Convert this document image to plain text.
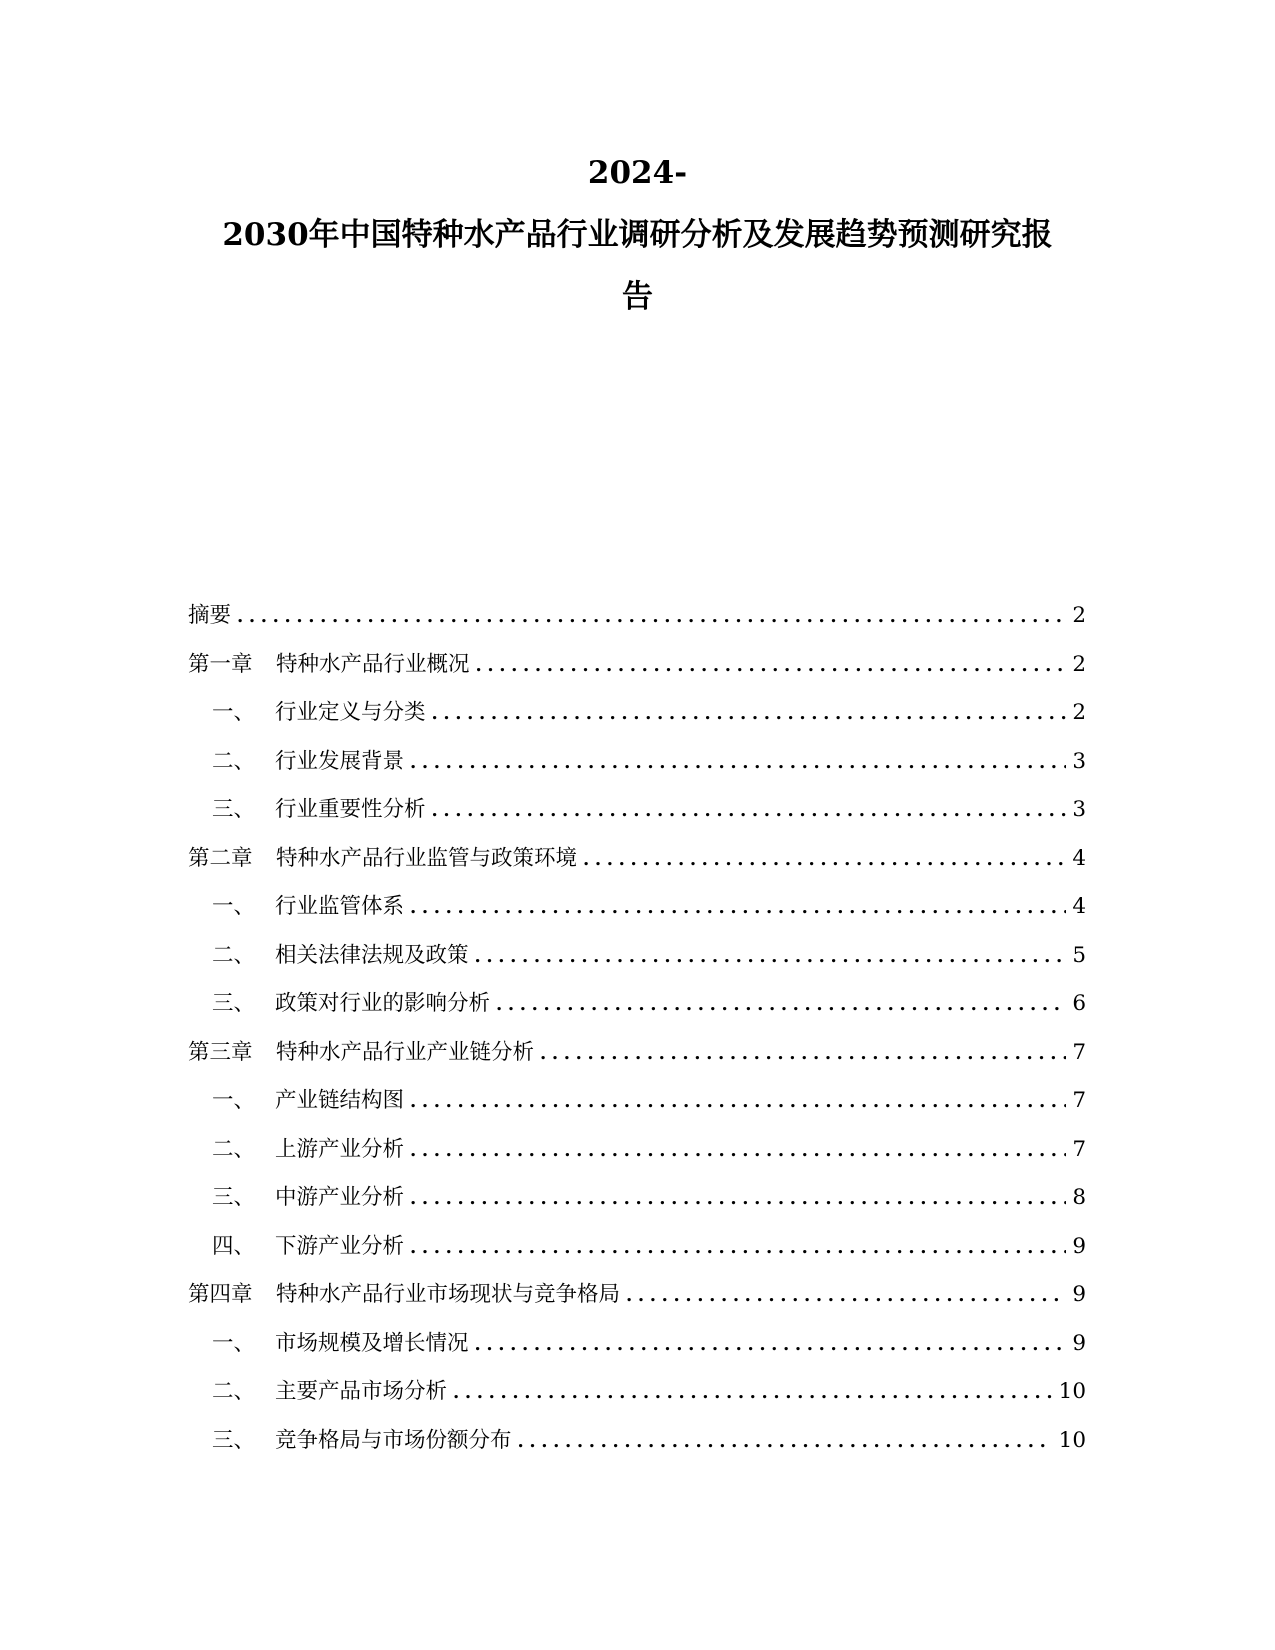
2024-
2030年中国特种水产品行业调研分析及发展趋势预测研究报
告
摘要 .....	2
第一章	特种水产品行业概况 .....	2
一、 行业定义与分类 .....	2
二、 行业发展背景 .....	3
三、 行业重要性分析 .....	3
第二章	特种水产品行业监管与政策环境 .....	4
一、 行业监管体系 .....	4
二、 相关法律法规及政策 .....	5
三、 政策对行业的影响分析 .....	6
第三章	特种水产品行业产业链分析 .....	7
一、 产业链结构图 .....	7
二、 上游产业分析 .....	7
三、 中游产业分析 .....	8
四、 下游产业分析 .....	9
第四章	特种水产品行业市场现状与竞争格局 .....	9
一、 市场规模及增长情况 .....	9
二、 主要产品市场分析 .....	10
三、 竞争格局与市场份额分布 .....	10
